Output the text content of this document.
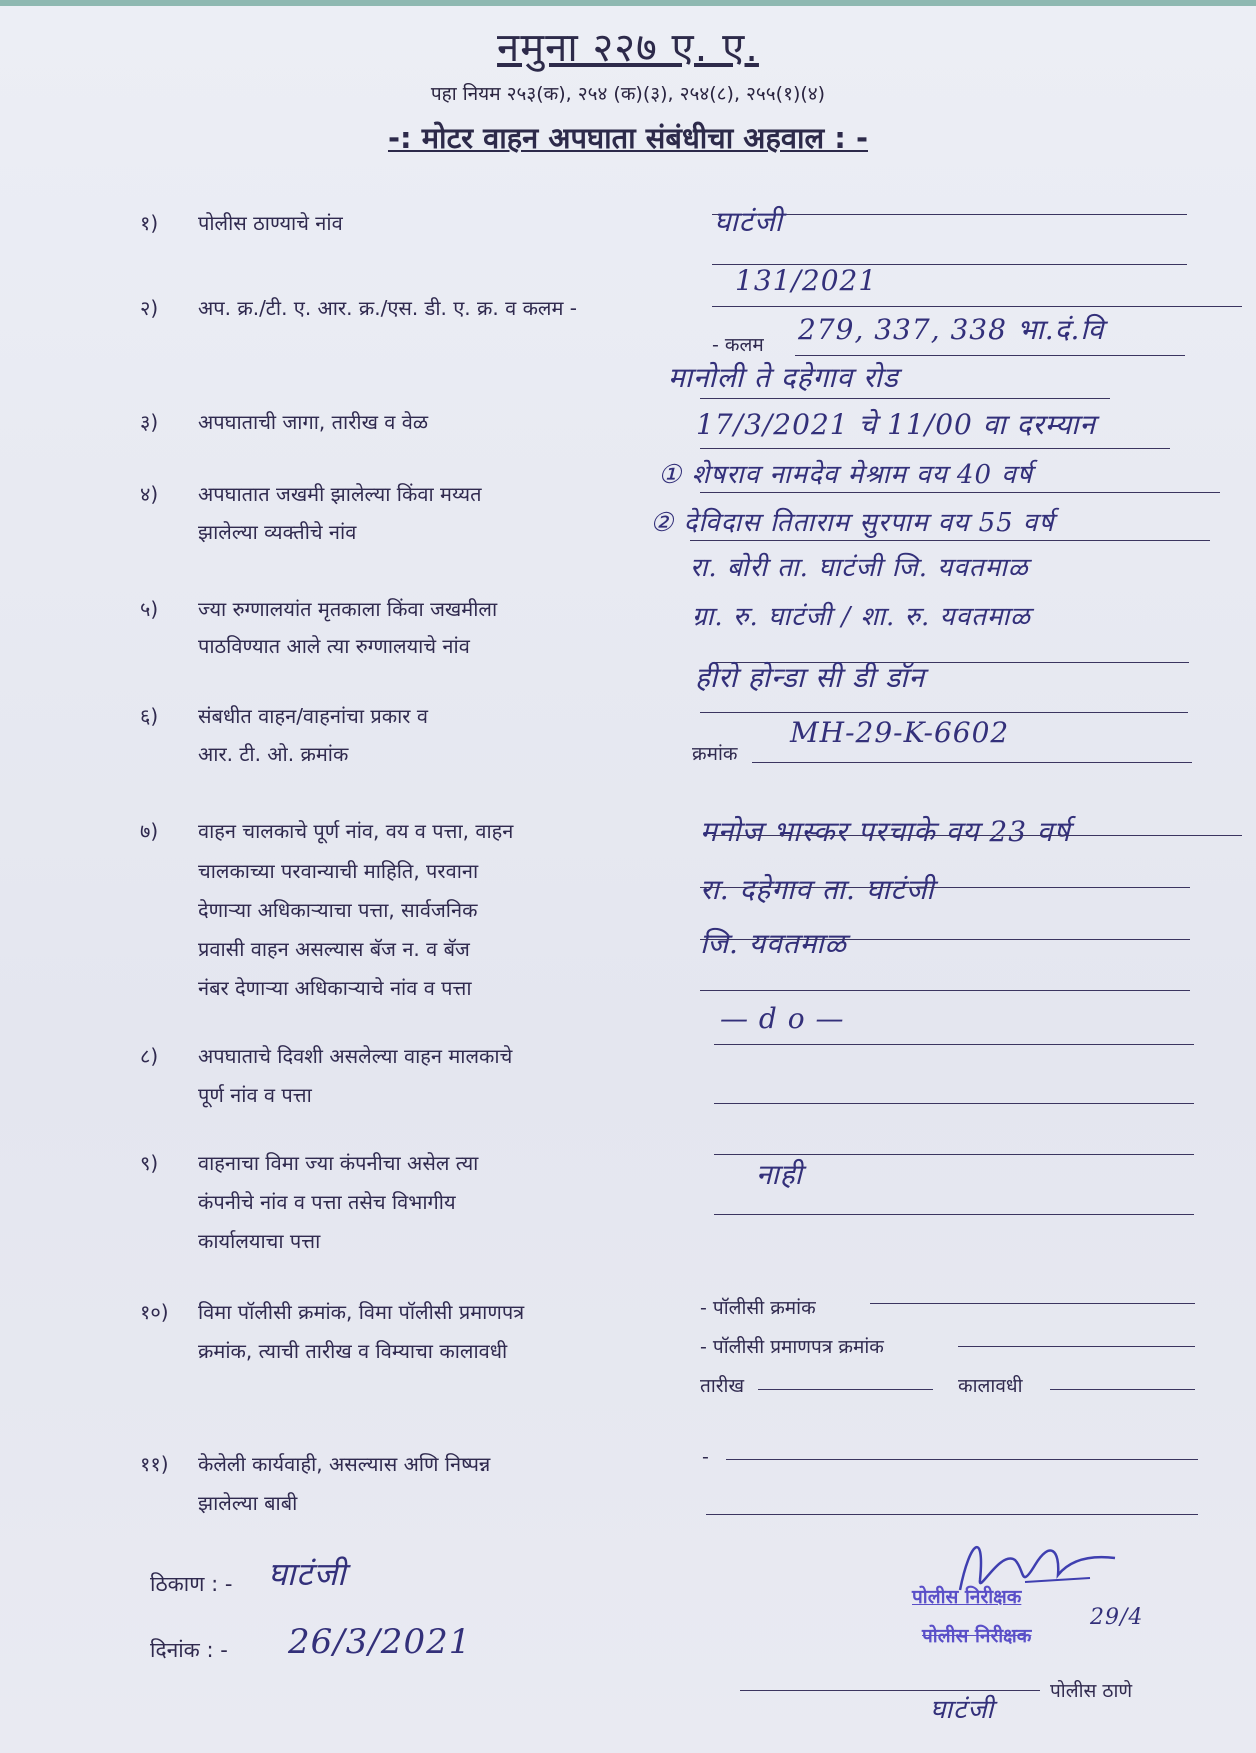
नमुना २२७ ए. ए.
पहा नियम २५३(क), २५४ (क)(३), २५४(८), २५५(१)(४)
-: मोटर वाहन अपघाता संबंधीचा अहवाल : -
१)	पोलीस ठाण्याचे नांव	घाटंजी
२)	अप. क्र./टी. ए. आर. क्र./एस. डी. ए. क्र. व कलम -
131/2021
- कलम 279, 337, 338 भा.दं.वि
३)	अपघाताची जागा, तारीख व वेळ
मानोली ते दहेगाव रोड
17/3/2021 चे 11/00 वा दरम्यान
४)	अपघातात जखमी झालेल्या किंवा मय्यत
झालेल्या व्यक्तीचे नांव
① शेषराव नामदेव मेश्राम वय 40 वर्ष
② देविदास तिताराम सुरपाम वय 55 वर्ष
रा. बोरी ता. घाटंजी जि. यवतमाळ
५)	ज्या रुग्णालयांत मृतकाला किंवा जखमीला
पाठविण्यात आले त्या रुग्णालयाचे नांव
ग्रा. रु. घाटंजी / शा. रु. यवतमाळ
६)	संबधीत वाहन/वाहनांचा प्रकार व
आर. टी. ओ. क्रमांक
हीरो होन्डा सी डी डॉन
क्रमांक
MH-29-K-6602
७)	वाहन चालकाचे पूर्ण नांव, वय व पत्ता, वाहन
चालकाच्या परवान्याची माहिति, परवाना
देणाऱ्या अधिकाऱ्याचा पत्ता, सार्वजनिक
प्रवासी वाहन असल्यास बॅज न. व बॅज
नंबर देणाऱ्या अधिकाऱ्याचे नांव व पत्ता
मनोज भास्कर परचाके वय 23 वर्ष
रा. दहेगाव ता. घाटंजी
जि. यवतमाळ
८)	अपघाताचे दिवशी असलेल्या वाहन मालकाचे
पूर्ण नांव व पत्ता
— d o —
९)	वाहनाचा विमा ज्या कंपनीचा असेल त्या
कंपनीचे नांव व पत्ता तसेच विभागीय
कार्यालयाचा पत्ता
नाही
१०)	विमा पॉलीसी क्रमांक, विमा पॉलीसी प्रमाणपत्र
क्रमांक, त्याची तारीख व विम्याचा कालावधी
- पॉलीसी क्रमांक
- पॉलीसी प्रमाणपत्र क्रमांक
तारीख	कालावधी
११)	केलेली कार्यवाही, असल्यास अणि निष्पन्न
झालेल्या बाबी
-
ठिकाण : - घाटंजी
दिनांक : - 26/3/2021
पोलीस निरीक्षक
पोलीस निरीक्षक
29/4
घाटंजी
पोलीस ठाणे
